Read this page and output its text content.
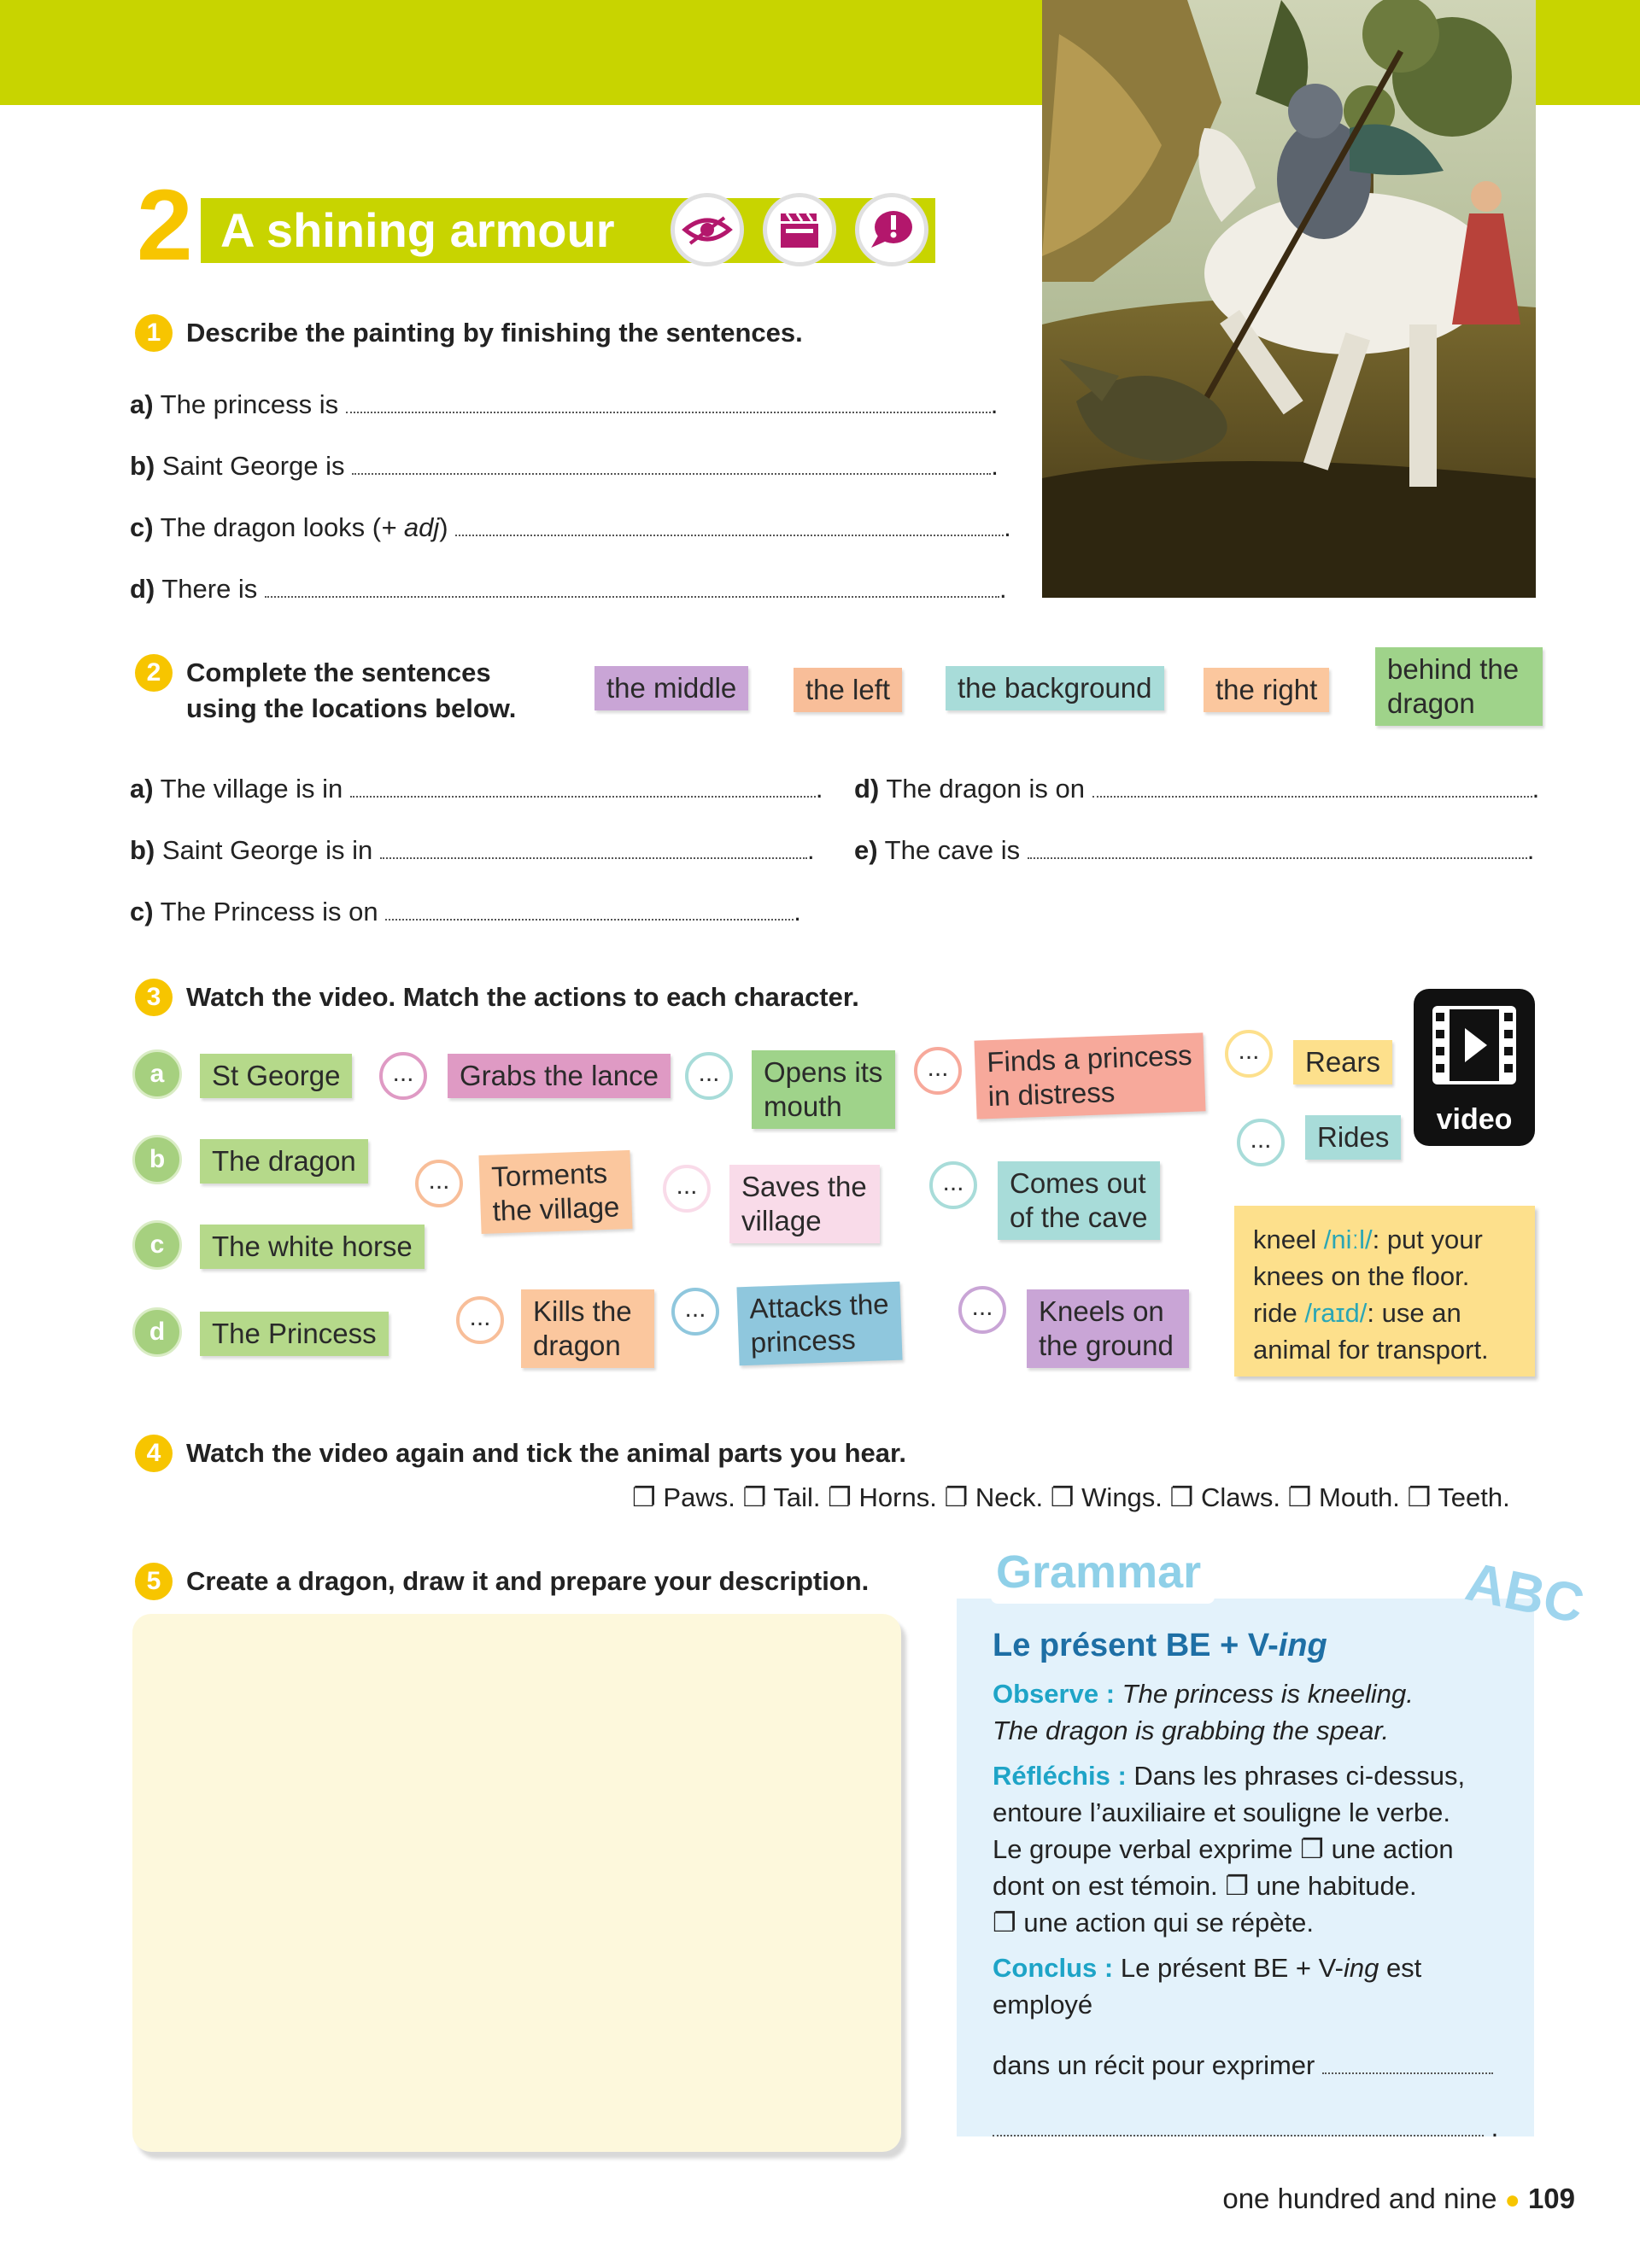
2 A shining armour
1 Describe the painting by finishing the sentences.
a) The princess is	.
b) Saint George is	.
c) The dragon looks (+ adj)	.
d) There is	.
2 Complete the sentences
using the locations below.
the middle	the left	the background	the right
behind the
dragon
a) The village is in	.
b) Saint George is in	.
c) The Princess is on	.
d) The dragon is on	.
e) The cave is	.
3 Watch the video. Match the actions to each character.
a	St George
b	The dragon
c	The white horse
d	The Princess
...	Grabs the lance	...	Opens its
mouth
...	Finds a princess
in distress
...	Rears
...	Rides
...	Torments
the village
...	Saves the
village
...	Comes out
of the cave
...	Kills the
dragon
...	Attacks the
princess
...	Kneels on
the ground
video
kneel /niːl/: put your
knees on the floor.
ride /raɪd/: use an
animal for transport.
4 Watch the video again and tick the animal parts you hear.
❐ Paws. ❐ Tail. ❐ Horns. ❐ Neck. ❐ Wings. ❐ Claws. ❐ Mouth. ❐ Teeth.
5 Create a dragon, draw it and prepare your description.	Grammar	ABC
Le présent BE + V-ing
Observe : The princess is kneeling.
The dragon is grabbing the spear.
Réfléchis : Dans les phrases ci-dessus,
entoure l’auxiliaire et souligne le verbe.
Le groupe verbal exprime ❐ une action
dont on est témoin. ❐ une habitude.
❐ une action qui se répète.
Conclus : Le présent BE + V-ing est employé
dans un récit pour exprimer
.
one hundred and nine ● 109
